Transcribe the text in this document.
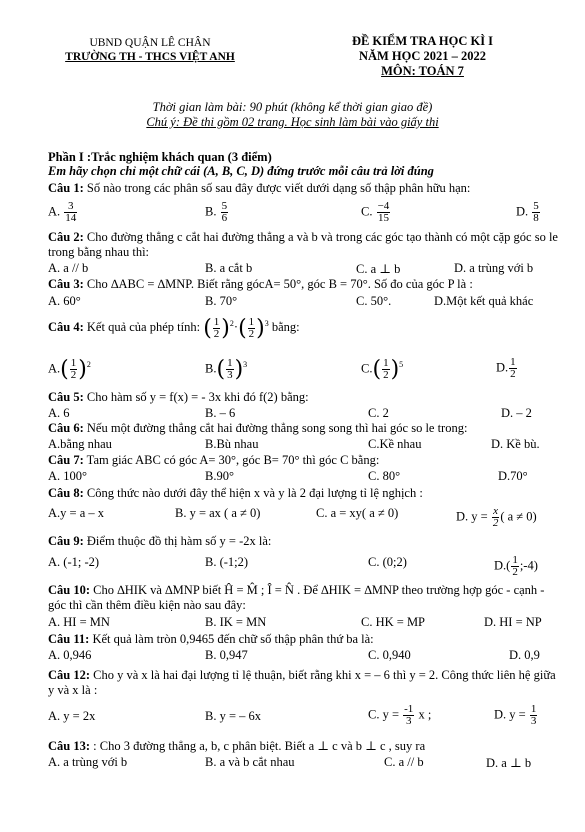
UBND QUẬN LÊ CHÂN
TRƯỜNG TH - THCS VIỆT ANH
ĐỀ KIỂM TRA HỌC KÌ I
NĂM HỌC 2021 – 2022
MÔN: TOÁN 7
Thời gian làm bài: 90 phút (không kể thời gian giao đề)
Chú ý: Đề thi gồm 02 trang. Học sinh làm bài vào giấy thi
Phần I :Trắc nghiệm khách quan (3 điểm)
Em hãy chọn chỉ một chữ cái (A, B, C, D) đứng trước mỗi câu trả lời đúng
Câu 1: Số nào trong các phân số sau đây được viết dưới dạng số thập phân hữu hạn:
A. $\frac{3}{14}$	B. $\frac{5}{6}$	C. $\frac{-4}{15}$	D. $\frac{5}{8}$
Câu 2: Cho đường thẳng c cắt hai đường thẳng a và b và trong các góc tạo thành có một cặp góc so le trong bằng nhau thì:
A. a // b	B. a cắt b	C. a ⊥ b	D. a trùng với b
Câu 3: Cho ∆ABC = ∆MNP. Biết rằng gócA= 50°, góc B = 70°. Số đo của góc P là :
A. 60°	B. 70°	C. 50°.	D.Một kết quả khác
Câu 4: Kết quả của phép tính: ( $\frac{1}{2} )^2\cdot( \frac{1}{2} )^3$ bằng:
$A.( \frac{1}{2} )^2$	$B.( \frac{1}{3} )^3$	$C.( \frac{1}{2} )^5$	D. $\frac{1}{2}$
Câu 5: Cho hàm số y = f(x) = - 3x khi đó f(2) bằng:
A. 6	B. – 6	C. 2	D. – 2
Câu 6: Nếu một đường thẳng cắt hai đường thẳng song song thì hai góc so le trong:
A.bằng nhau	B.Bù nhau	C.Kề nhau	D. Kề bù.
Câu 7: Tam giác ABC có góc A= 30°, góc B= 70° thì góc C bằng:
A. 100°	B.90°	C. 80°	D.70°
Câu 8: Công thức nào dưới đây thể hiện x và y là 2 đại lượng tỉ lệ nghịch :
A.y = a – x	B. y = ax ( a ≠ 0)	C. a = xy( a ≠ 0)	D. $y = \frac{x}{2}$ ( a ≠ 0)
Câu 9: Điểm thuộc đồ thị hàm số y = -2x là:
A. (-1; -2)	B. (-1;2)	C. (0;2)	$D.( \frac{1}{2}$ ;-4)
Câu 10: Cho ∆HIK và ∆MNP biết Ĥ = M̂ ; Î = N̂ . Để ∆HIK = ∆MNP theo trường hợp góc - cạnh - góc thì cần thêm điều kiện nào sau đây:
A. HI = MN	B. IK = MN	C. HK = MP	D. HI = NP
Câu 11: Kết quả làm tròn 0,9465 đến chữ số thập phân thứ ba là:
A. 0,946	B. 0,947	C. 0,940	D. 0,9
Câu 12: Cho y và x là hai đại lượng tỉ lệ thuận, biết rằng khi x = – 6 thì y = 2. Công thức liên hệ giữa y và x là :
A. y = 2x	B. y = – 6x	C. $y = \frac{-1}{3}$ x ;	D. $y = \frac{1}{3}$
Câu 13: : Cho 3 đường thẳng a, b, c phân biệt. Biết a ⊥ c và b ⊥ c , suy ra
A. a trùng với b	B. a và b cắt nhau	C. a // b	D. a ⊥ b
